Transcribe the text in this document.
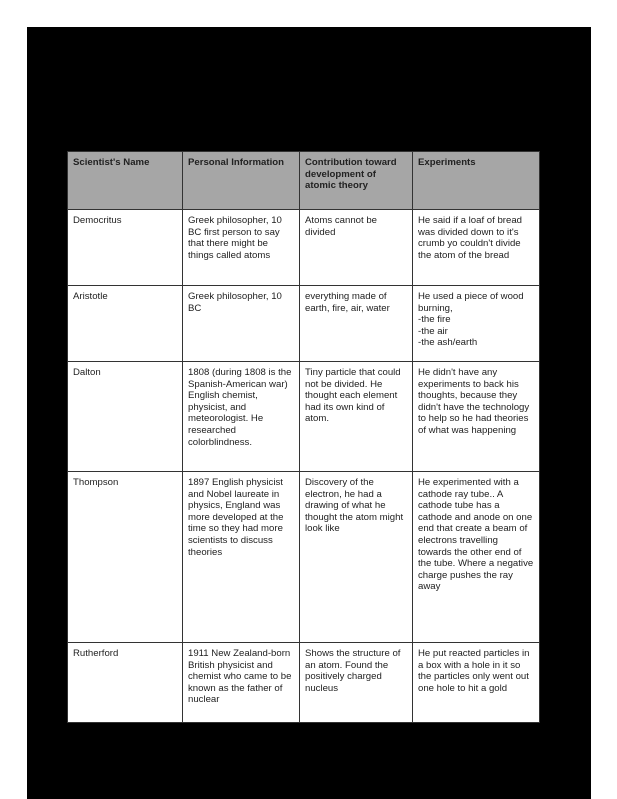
Scientist's Name	Personal Information	Contribution toward development of atomic theory	Experiments
Democritus	Greek philosopher, 10 BC first person to say that there might be things called atoms	Atoms cannot be divided	He said if a loaf of bread was divided down to it's crumb yo couldn't divide the atom of the bread
Aristotle	Greek philosopher, 10 BC	everything made of earth, fire, air, water	He used a piece of wood burning,
-the fire
-the air
-the ash/earth
Dalton	1808 (during 1808 is the Spanish-American war) English chemist, physicist, and meteorologist. He researched colorblindness.	Tiny particle that could not be divided. He thought each element had its own kind of atom.	He didn't have any experiments to back his thoughts, because they didn't have the technology to help so he had theories of what was happening
Thompson	1897 English physicist and Nobel laureate in physics, England was more developed at the time so they had more scientists to discuss theories	Discovery of the electron, he had a drawing of what he thought the atom might look like	He experimented with a cathode ray tube.. A cathode tube has a cathode and anode on one end that create a beam of electrons travelling towards the other end of the tube. Where a negative charge pushes the ray away
Rutherford	1911 New Zealand-born British physicist and chemist who came to be known as the father of nuclear	Shows the structure of an atom. Found the positively charged nucleus	He put reacted particles in a box with a hole in it so the particles only went out one hole to hit a gold
